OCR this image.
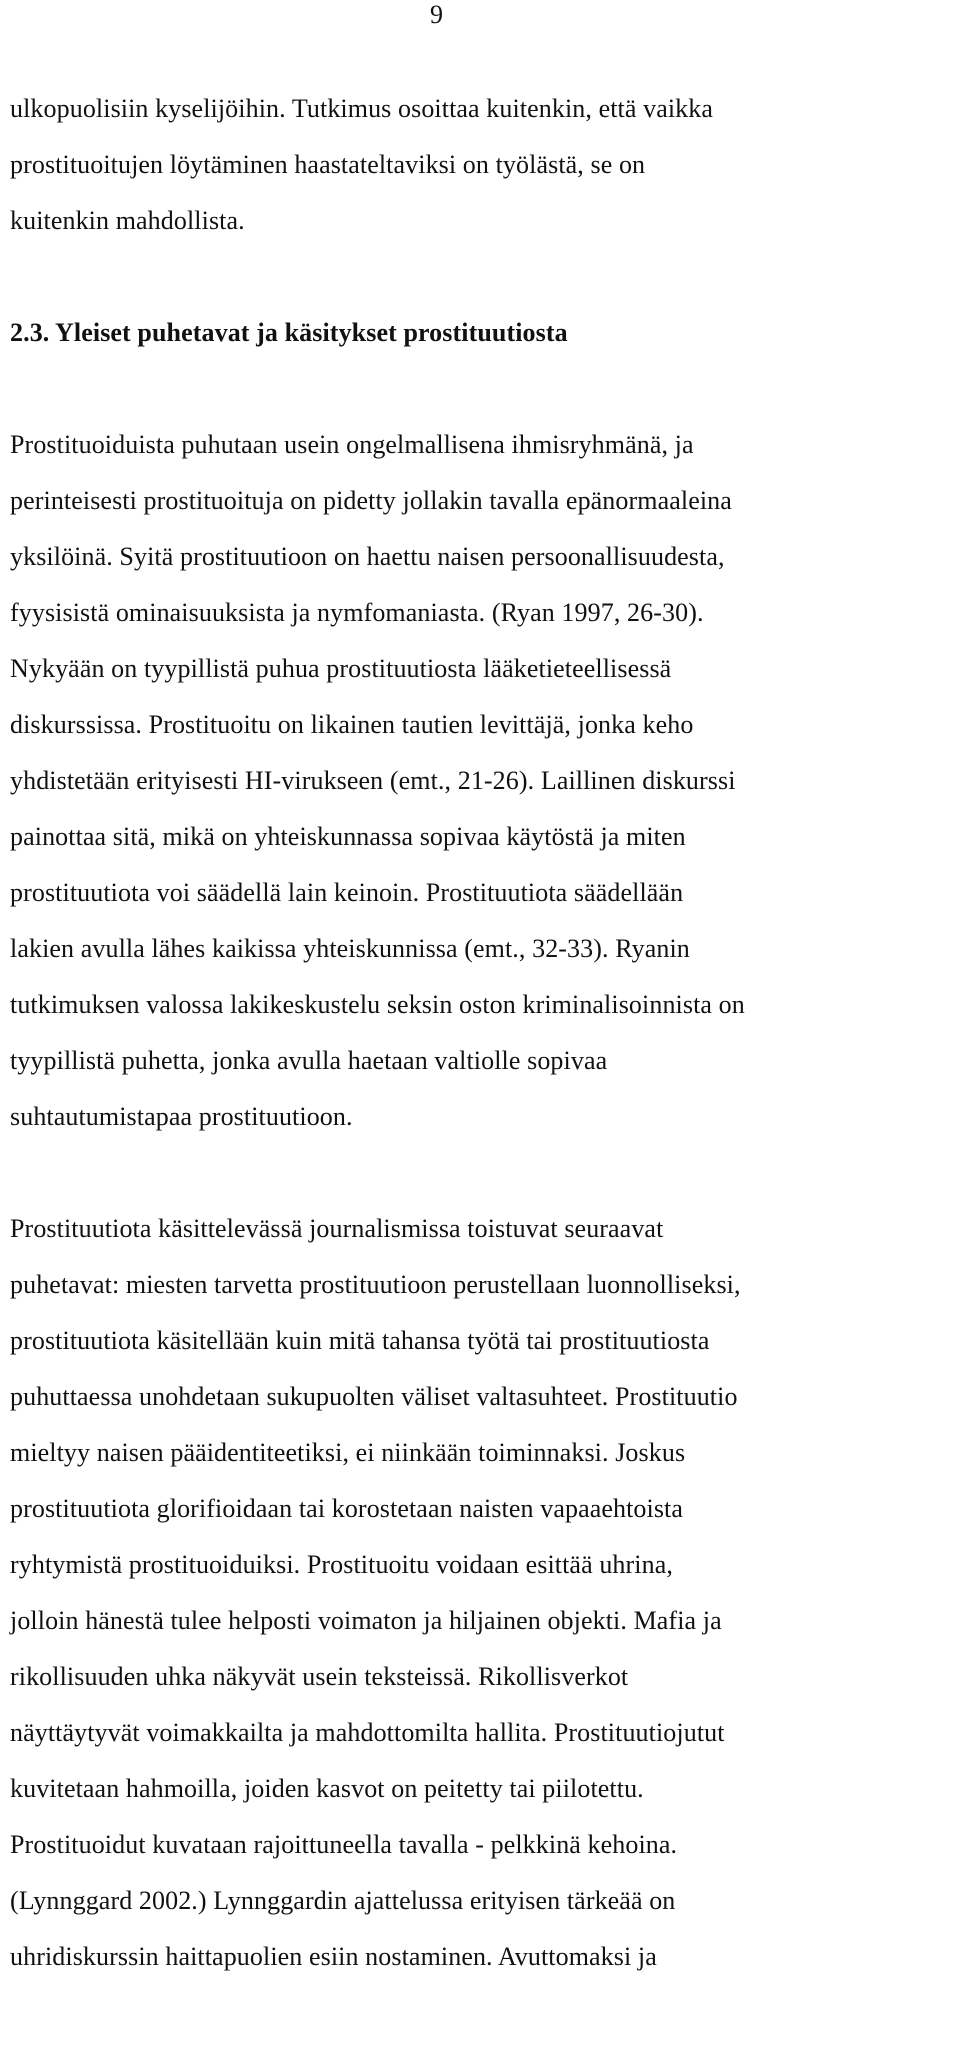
9
ulkopuolisiin kyselijöihin. Tutkimus osoittaa kuitenkin, että vaikka
prostituoitujen löytäminen haastateltaviksi on työlästä, se on
kuitenkin mahdollista.
2.3. Yleiset puhetavat ja käsitykset prostituutiosta
Prostituoiduista puhutaan usein ongelmallisena ihmisryhmänä, ja
perinteisesti prostituoituja on pidetty jollakin tavalla epänormaaleina
yksilöinä. Syitä prostituutioon on haettu naisen persoonallisuudesta,
fyysisistä ominaisuuksista ja nymfomaniasta. (Ryan 1997, 26-30).
Nykyään on tyypillistä puhua prostituutiosta lääketieteellisessä
diskurssissa. Prostituoitu on likainen tautien levittäjä, jonka keho
yhdistetään erityisesti HI-virukseen (emt., 21-26). Laillinen diskurssi
painottaa sitä, mikä on yhteiskunnassa sopivaa käytöstä ja miten
prostituutiota voi säädellä lain keinoin. Prostituutiota säädellään
lakien avulla lähes kaikissa yhteiskunnissa (emt., 32-33). Ryanin
tutkimuksen valossa lakikeskustelu seksin oston kriminalisoinnista on
tyypillistä puhetta, jonka avulla haetaan valtiolle sopivaa
suhtautumistapaa prostituutioon.
Prostituutiota käsittelevässä journalismissa toistuvat seuraavat
puhetavat: miesten tarvetta prostituutioon perustellaan luonnolliseksi,
prostituutiota käsitellään kuin mitä tahansa työtä tai prostituutiosta
puhuttaessa unohdetaan sukupuolten väliset valtasuhteet. Prostituutio
mieltyy naisen pääidentiteetiksi, ei niinkään toiminnaksi. Joskus
prostituutiota glorifioidaan tai korostetaan naisten vapaaehtoista
ryhtymistä prostituoiduiksi. Prostituoitu voidaan esittää uhrina,
jolloin hänestä tulee helposti voimaton ja hiljainen objekti. Mafia ja
rikollisuuden uhka näkyvät usein teksteissä. Rikollisverkot
näyttäytyvät voimakkailta ja mahdottomilta hallita. Prostituutiojutut
kuvitetaan hahmoilla, joiden kasvot on peitetty tai piilotettu.
Prostituoidut kuvataan rajoittuneella tavalla - pelkkinä kehoina.
(Lynnggard 2002.) Lynnggardin ajattelussa erityisen tärkeää on
uhridiskurssin haittapuolien esiin nostaminen. Avuttomaksi ja
